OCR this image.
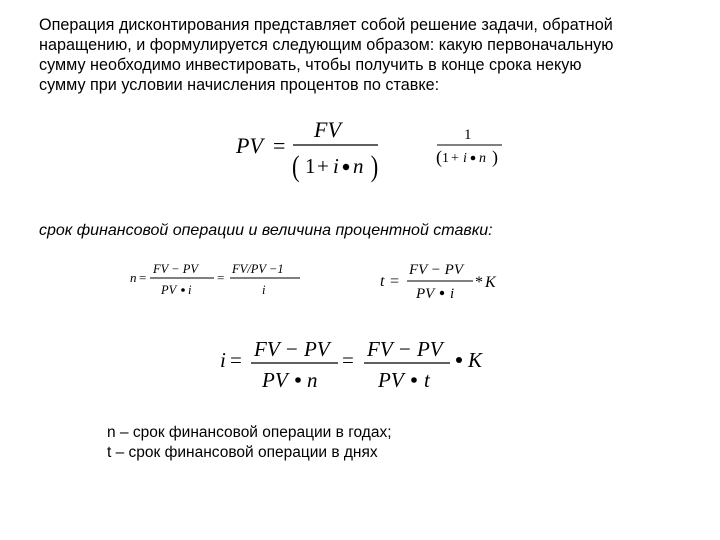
Операция дисконтирования представляет собой решение задачи, обратной
наращению, и формулируется следующим образом: какую первоначальную
сумму необходимо инвестировать, чтобы получить в конце срока некую
сумму при условии начисления процентов по ставке:
PV =
FV
( 1 + i n )
1
( 1 + i n )

срок финансовой операции и величина процентной ставки:

n =
FV − PV
PV i
=
FV/PV −1
i	t =
FV − PV
PV i
* K
i = FV − PV
PV n
= FV − PV
PV t
K
n – срок финансовой операции в годах;
t – срок финансовой операции в днях
